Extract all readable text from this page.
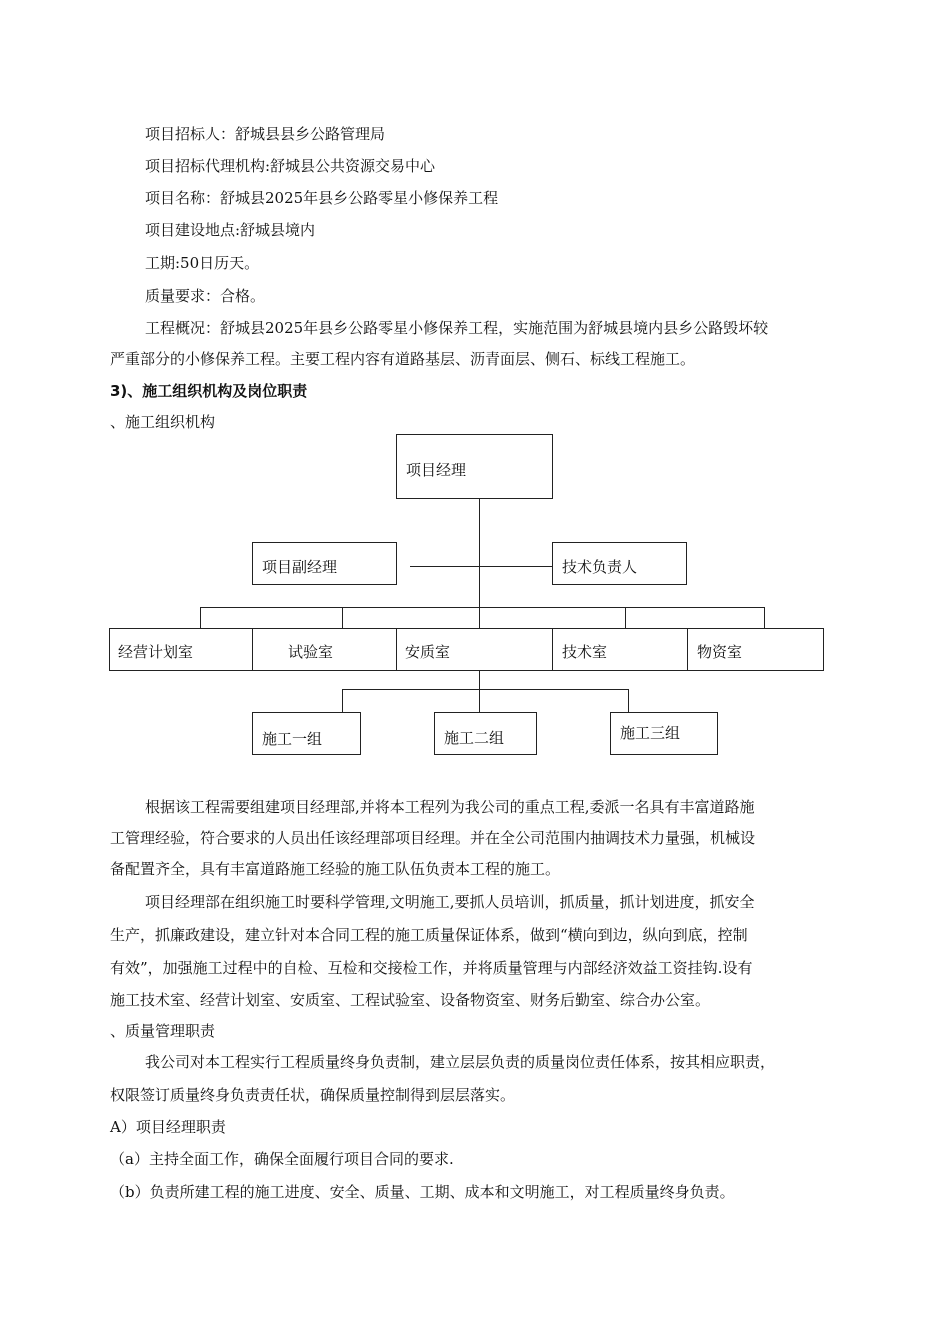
项目招标人：舒城县县乡公路管理局
项目招标代理机构:舒城县公共资源交易中心
项目名称：舒城县2025年县乡公路零星小修保养工程
项目建设地点:舒城县境内
工期:50日历天。
质量要求：合格。
工程概况：舒城县2025年县乡公路零星小修保养工程，实施范围为舒城县境内县乡公路毁坏较
严重部分的小修保养工程。主要工程内容有道路基层、沥青面层、侧石、标线工程施工。
3)、施工组织机构及岗位职责
、施工组织机构
项目经理
项目副经理	技术负责人
经营计划室	试验室	安质室	技术室	物资室
施工一组	施工二组	施工三组
根据该工程需要组建项目经理部,并将本工程列为我公司的重点工程,委派一名具有丰富道路施
工管理经验，符合要求的人员出任该经理部项目经理。并在全公司范围内抽调技术力量强，机械设
备配置齐全，具有丰富道路施工经验的施工队伍负责本工程的施工。
项目经理部在组织施工时要科学管理,文明施工,要抓人员培训，抓质量，抓计划进度，抓安全
生产，抓廉政建设，建立针对本合同工程的施工质量保证体系，做到“横向到边，纵向到底，控制
有效”，加强施工过程中的自检、互检和交接检工作，并将质量管理与内部经济效益工资挂钩.设有
施工技术室、经营计划室、安质室、工程试验室、设备物资室、财务后勤室、综合办公室。
、质量管理职责
我公司对本工程实行工程质量终身负责制，建立层层负责的质量岗位责任体系，按其相应职责，
权限签订质量终身负责责任状，确保质量控制得到层层落实。
A）项目经理职责
（a）主持全面工作，确保全面履行项目合同的要求.
（b）负责所建工程的施工进度、安全、质量、工期、成本和文明施工，对工程质量终身负责。
